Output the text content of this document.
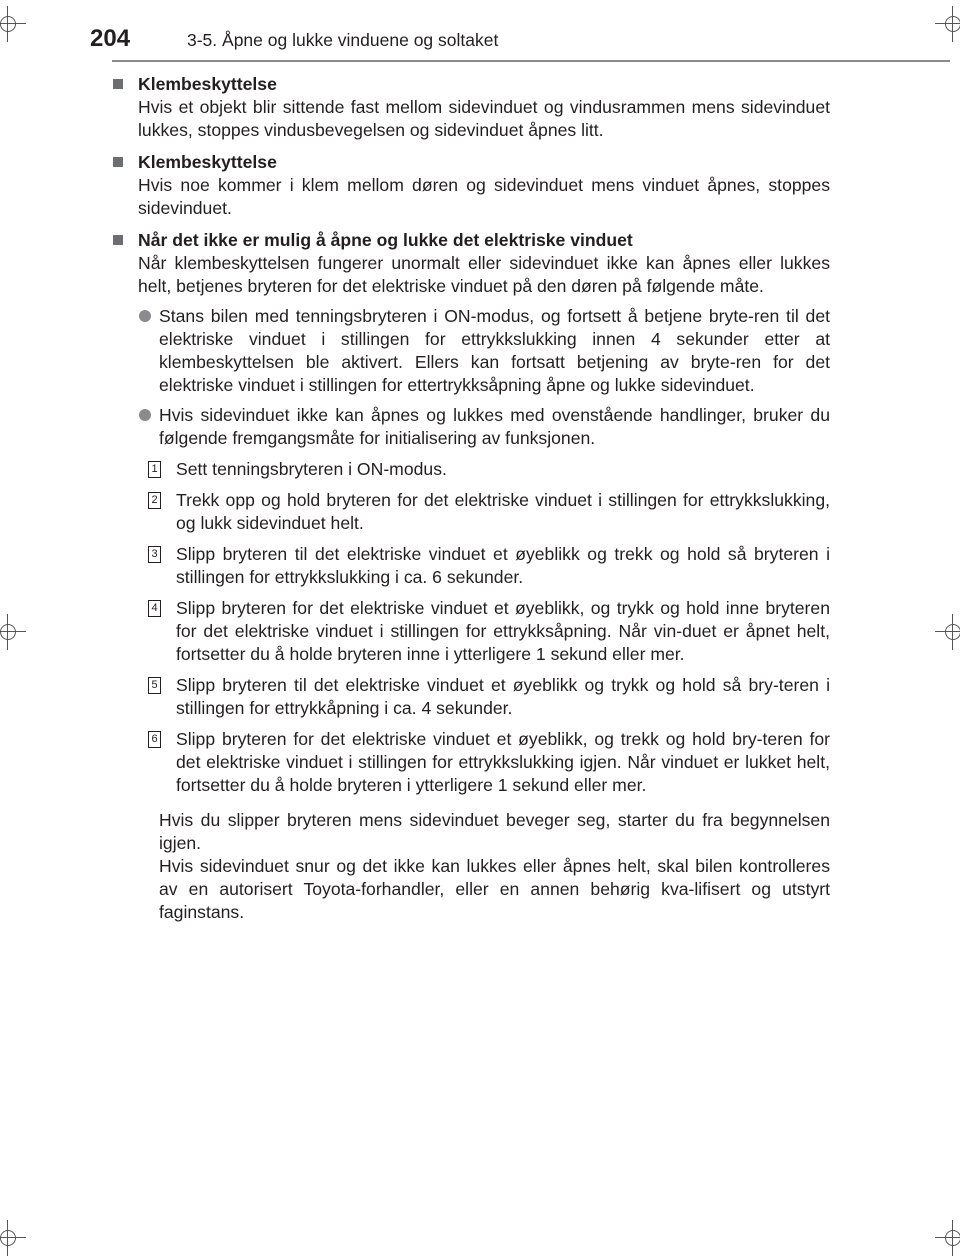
204	3-5. Åpne og lukke vinduene og soltaket
Klembeskyttelse
Hvis et objekt blir sittende fast mellom sidevinduet og vindusrammen mens sidevinduet lukkes, stoppes vindusbevegelsen og sidevinduet åpnes litt.
Klembeskyttelse
Hvis noe kommer i klem mellom døren og sidevinduet mens vinduet åpnes, stoppes sidevinduet.
Når det ikke er mulig å åpne og lukke det elektriske vinduet
Når klembeskyttelsen fungerer unormalt eller sidevinduet ikke kan åpnes eller lukkes helt, betjenes bryteren for det elektriske vinduet på den døren på følgende måte.
Stans bilen med tenningsbryteren i ON-modus, og fortsett å betjene bryte-ren til det elektriske vinduet i stillingen for ettrykkslukking innen 4 sekunder etter at klembeskyttelsen ble aktivert. Ellers kan fortsatt betjening av bryte-ren for det elektriske vinduet i stillingen for ettertrykksåpning åpne og lukke sidevinduet.
Hvis sidevinduet ikke kan åpnes og lukkes med ovenstående handlinger, bruker du følgende fremgangsmåte for initialisering av funksjonen.
1 Sett tenningsbryteren i ON-modus.
2 Trekk opp og hold bryteren for det elektriske vinduet i stillingen for ettrykkslukking, og lukk sidevinduet helt.
3 Slipp bryteren til det elektriske vinduet et øyeblikk og trekk og hold så bryteren i stillingen for ettrykkslukking i ca. 6 sekunder.
4 Slipp bryteren for det elektriske vinduet et øyeblikk, og trykk og hold inne bryteren for det elektriske vinduet i stillingen for ettrykksåpning. Når vin-duet er åpnet helt, fortsetter du å holde bryteren inne i ytterligere 1 sekund eller mer.
5 Slipp bryteren til det elektriske vinduet et øyeblikk og trykk og hold så bry-teren i stillingen for ettrykkåpning i ca. 4 sekunder.
6 Slipp bryteren for det elektriske vinduet et øyeblikk, og trekk og hold bry-teren for det elektriske vinduet i stillingen for ettrykkslukking igjen. Når vinduet er lukket helt, fortsetter du å holde bryteren i ytterligere 1 sekund eller mer.
Hvis du slipper bryteren mens sidevinduet beveger seg, starter du fra begynnelsen igjen.
Hvis sidevinduet snur og det ikke kan lukkes eller åpnes helt, skal bilen kontrolleres av en autorisert Toyota-forhandler, eller en annen behørig kva-lifisert og utstyrt faginstans.
